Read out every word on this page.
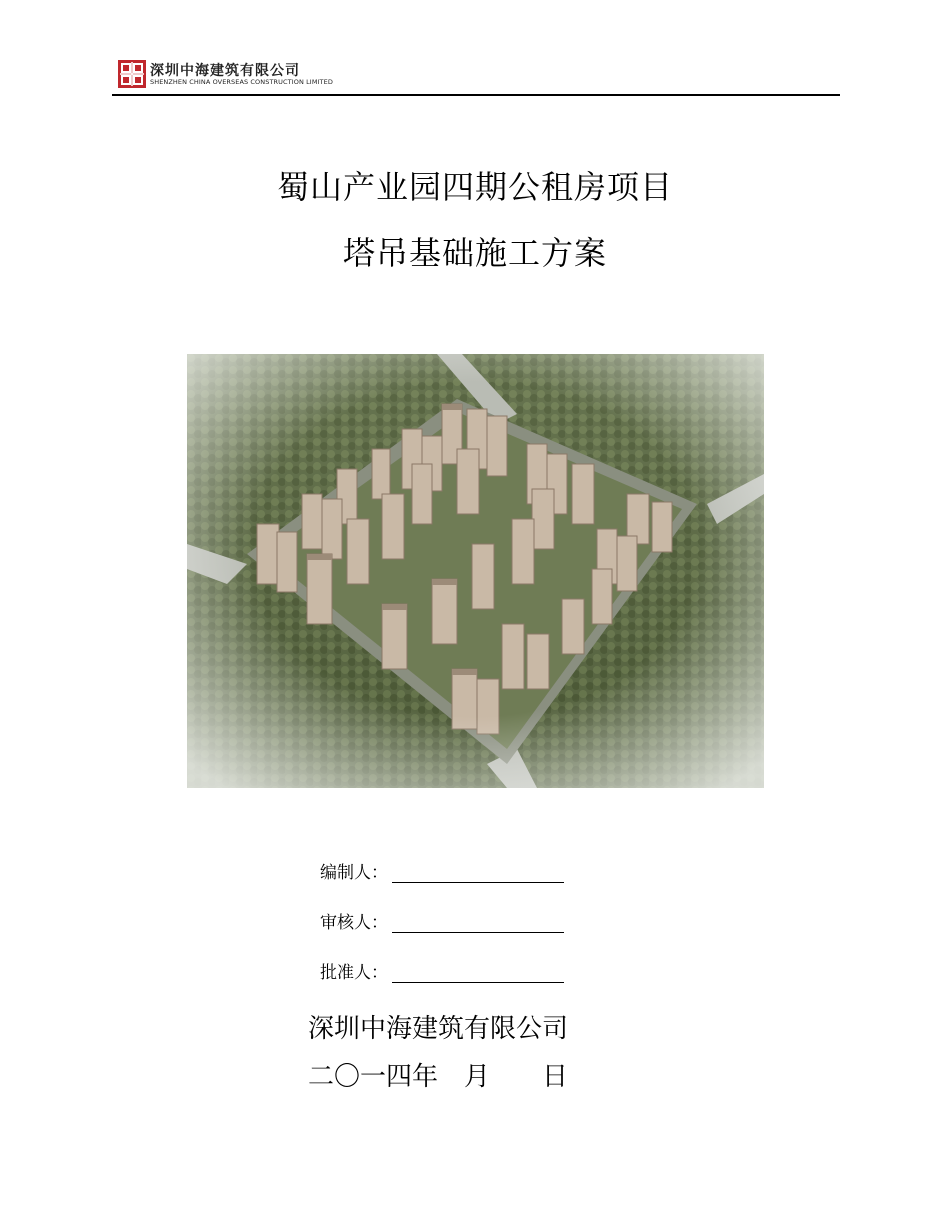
深圳中海建筑有限公司
SHENZHEN CHINA OVERSEAS CONSTRUCTION LIMITED
蜀山产业园四期公租房项目
塔吊基础施工方案
编制人：
审核人：
批准人：
深圳中海建筑有限公司
二〇一四年　月　　日
